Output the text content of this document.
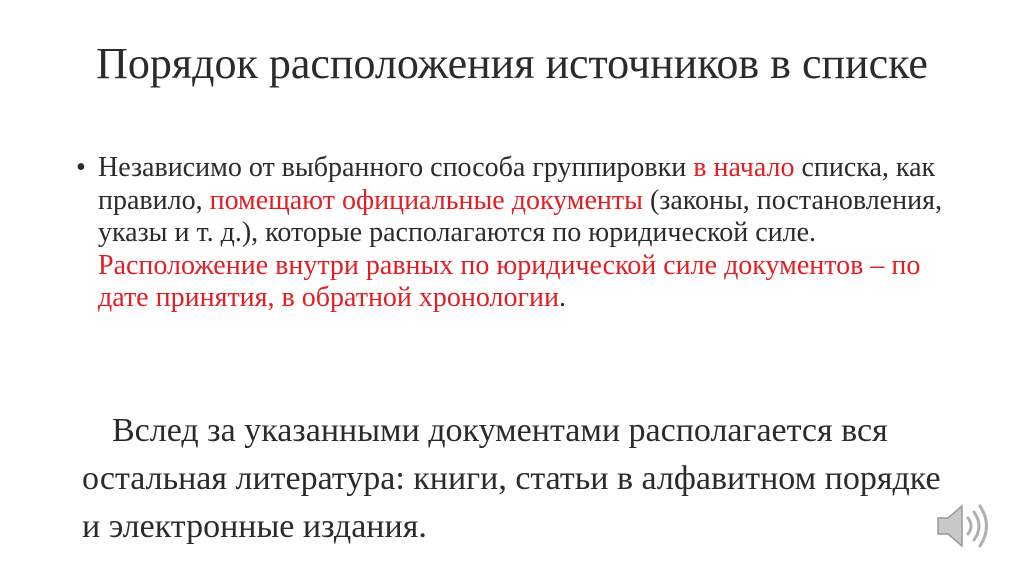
Порядок расположения источников в списке
• Независимо от выбранного способа группировки в начало списка, как правило, помещают официальные документы (законы, постановления, указы и т. д.), которые располагаются по юридической силе. Расположение внутри равных по юридической силе документов – по дате принятия, в обратной хронологии.
Вслед за указанными документами располагается вся остальная литература: книги, статьи в алфавитном порядке и электронные издания.
